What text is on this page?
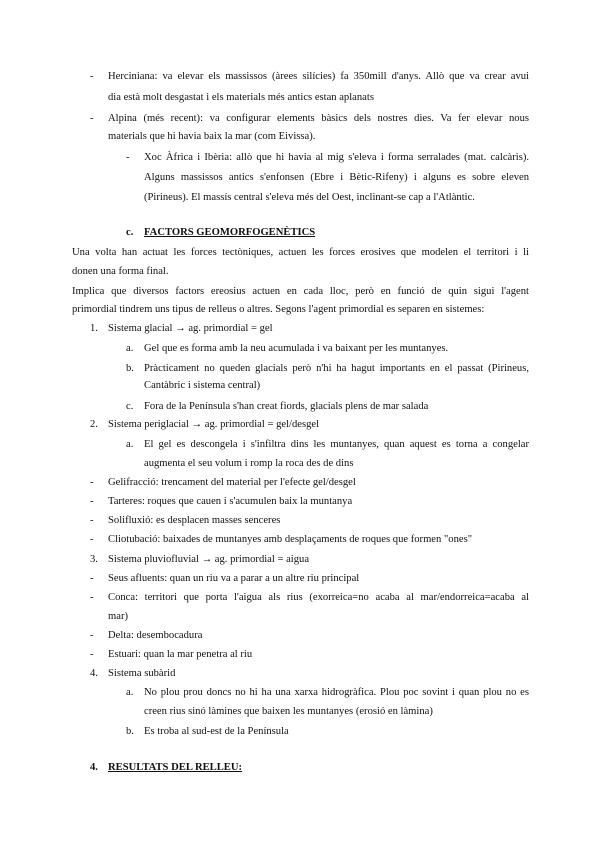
- Herciniana: va elevar els massissos (àrees silícies) fa 350mill d'anys. Allò que va crear avui
dia està molt desgastat i els materials més antics estan aplanats
- Alpina (més recent): va configurar elements bàsics dels nostres dies. Va fer elevar nous
materials que hi havia baix la mar (com Eivissa).
- Xoc Àfrica i Ibèria: allò que hi havia al mig s'eleva i forma serralades (mat. calcàris).
Alguns massissos antics s'enfonsen (Ebre i Bètic-Rifeny) i alguns es sobre eleven
(Pirineus). El massís central s'eleva més del Oest, inclinant-se cap a l'Atlàntic.
c. FACTORS GEOMORFOGENÈTICS
Una volta han actuat les forces tectòniques, actuen les forces erosives que modelen el territori i li
donen una forma final.
Implica que diversos factors ereosius actuen en cada lloc, però en funció de quin sigui l'agent
primordial tindrem uns tipus de relleus o altres. Segons l'agent primordial es separen en sistemes:
1. Sistema glacial → ag. primordial = gel
a. Gel que es forma amb la neu acumulada i va baixant per les muntanyes.
b. Pràcticament no queden glacials però n'hi ha hagut importants en el passat (Pirineus,
Cantàbric i sistema central)
c. Fora de la Península s'han creat fiords, glacials plens de mar salada
2. Sistema periglacial → ag. primordial = gel/desgel
a. El gel es descongela i s'infiltra dins les muntanyes, quan aquest es torna a congelar
augmenta el seu volum i romp la roca des de dins
- Gelifracció: trencament del material per l'efecte gel/desgel
- Tarteres: roques que cauen i s'acumulen baix la muntanya
- Solifluxió: es desplacen masses senceres
- Cliotubació: baixades de muntanyes amb desplaçaments de roques que formen "ones"
3. Sistema pluviofluvial → ag. primordial = aigua
- Seus afluents: quan un riu va a parar a un altre riu principal
- Conca: territori que porta l'aigua als rius (exorreica=no acaba al mar/endorreica=acaba al
mar)
- Delta: desembocadura
- Estuari: quan la mar penetra al riu
4. Sistema subàrid
a. No plou prou doncs no hi ha una xarxa hidrogràfica. Plou poc sovint i quan plou no es
creen rius sinó làmines que baixen les muntanyes (erosió en làmina)
b. Es troba al sud-est de la Península
4. RESULTATS DEL RELLEU:
